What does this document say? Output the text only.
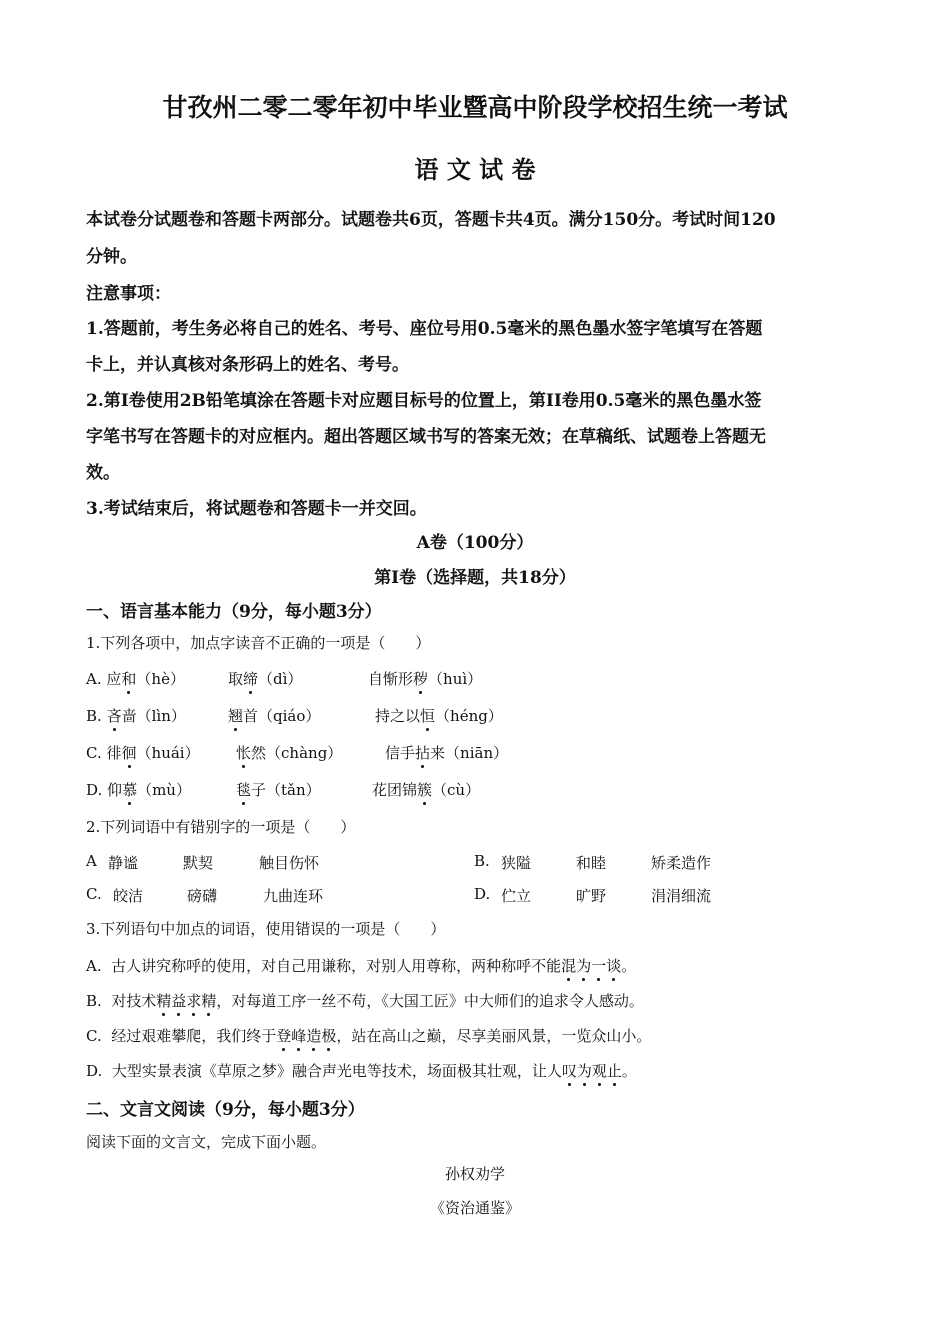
甘孜州二零二零年初中毕业暨高中阶段学校招生统一考试
语 文 试 卷
本试卷分试题卷和答题卡两部分。试题卷共6页，答题卡共4页。满分150分。考试时间120
分钟。
注意事项：
1.答题前，考生务必将自己的姓名、考号、座位号用0.5毫米的黑色墨水签字笔填写在答题
卡上，并认真核对条形码上的姓名、考号。
2.第Ⅰ卷使用2B铅笔填涂在答题卡对应题目标号的位置上，第II卷用0.5毫米的黑色墨水签
字笔书写在答题卡的对应框内。超出答题区域书写的答案无效；在草稿纸、试题卷上答题无
效。
3.考试结束后，将试题卷和答题卡一并交回。
A卷（100分）
第Ⅰ卷（选择题，共18分）
一、语言基本能力（9分，每小题3分）
1.下列各项中，加点字读音不正确的一项是（　　）
A. 应和（hè）	取缔（dì）	自惭形秽（huì）
B. 吝啬（lìn）	翘首（qiáo）	持之以恒（héng）
C. 徘徊（huái） 怅然（chàng）	信手拈来（niān）
D. 仰慕（mù）	毯子（tǎn）	花团锦簇（cù）
2.下列词语中有错别字的一项是（　　）
A 静谧	默契	触目伤怀	B. 狭隘	和睦	矫柔造作
C. 皎洁	磅礴	九曲连环	D. 伫立	旷野	涓涓细流
3.下列语句中加点的词语，使用错误的一项是（　　）
A. 古人讲究称呼的使用，对自己用谦称，对别人用尊称，两种称呼不能混为一谈。
B. 对技术精益求精，对每道工序一丝不苟，《大国工匠》中大师们的追求令人感动。
C. 经过艰难攀爬，我们终于登峰造极，站在高山之巅，尽享美丽风景，一览众山小。
D. 大型实景表演《草原之梦》融合声光电等技术，场面极其壮观，让人叹为观止。
二、文言文阅读（9分，每小题3分）
阅读下面的文言文，完成下面小题。
孙权劝学
《资治通鉴》
